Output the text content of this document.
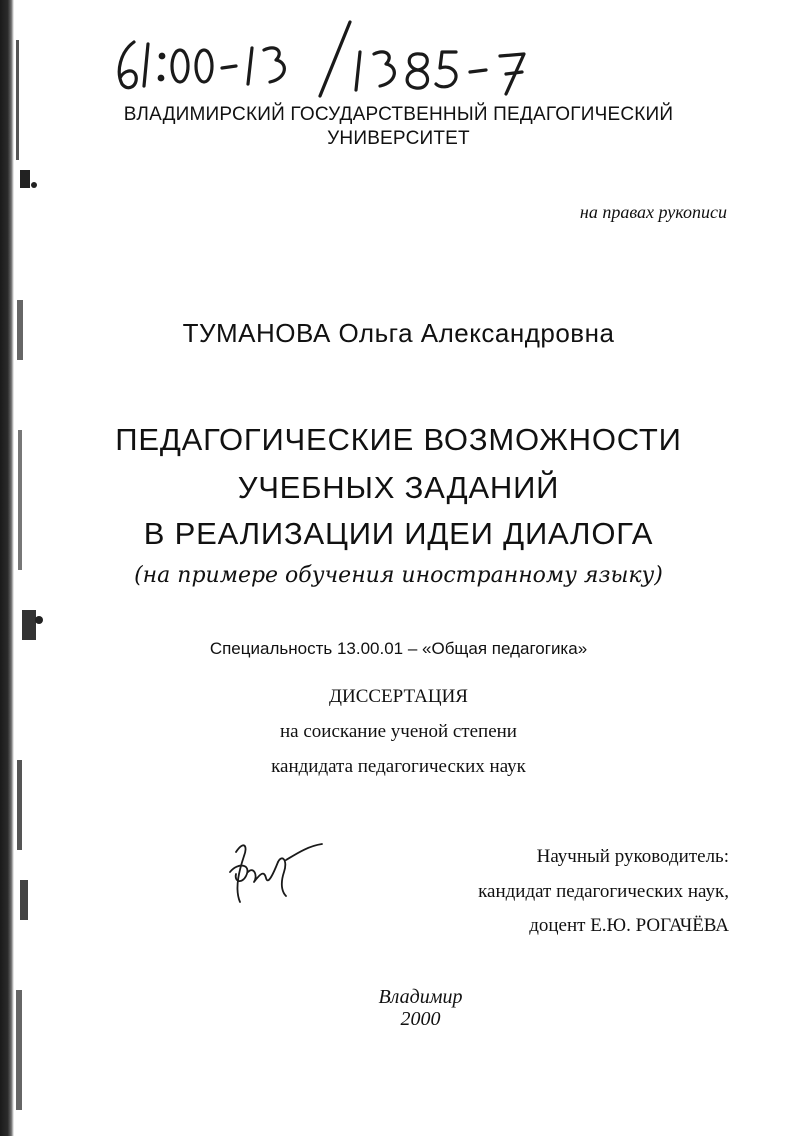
ВЛАДИМИРСКИЙ ГОСУДАРСТВЕННЫЙ ПЕДАГОГИЧЕСКИЙ
УНИВЕРСИТЕТ
на правах рукописи
ТУМАНОВА Ольга Александровна
ПЕДАГОГИЧЕСКИЕ ВОЗМОЖНОСТИ
УЧЕБНЫХ ЗАДАНИЙ
В РЕАЛИЗАЦИИ ИДЕИ ДИАЛОГА
(на примере обучения иностранному языку)
Специальность 13.00.01 – «Общая педагогика»
ДИССЕРТАЦИЯ
на соискание ученой степени
кандидата педагогических наук
Научный руководитель:
кандидат педагогических наук,
доцент Е.Ю. РОГАЧЁВА
Владимир
2000
